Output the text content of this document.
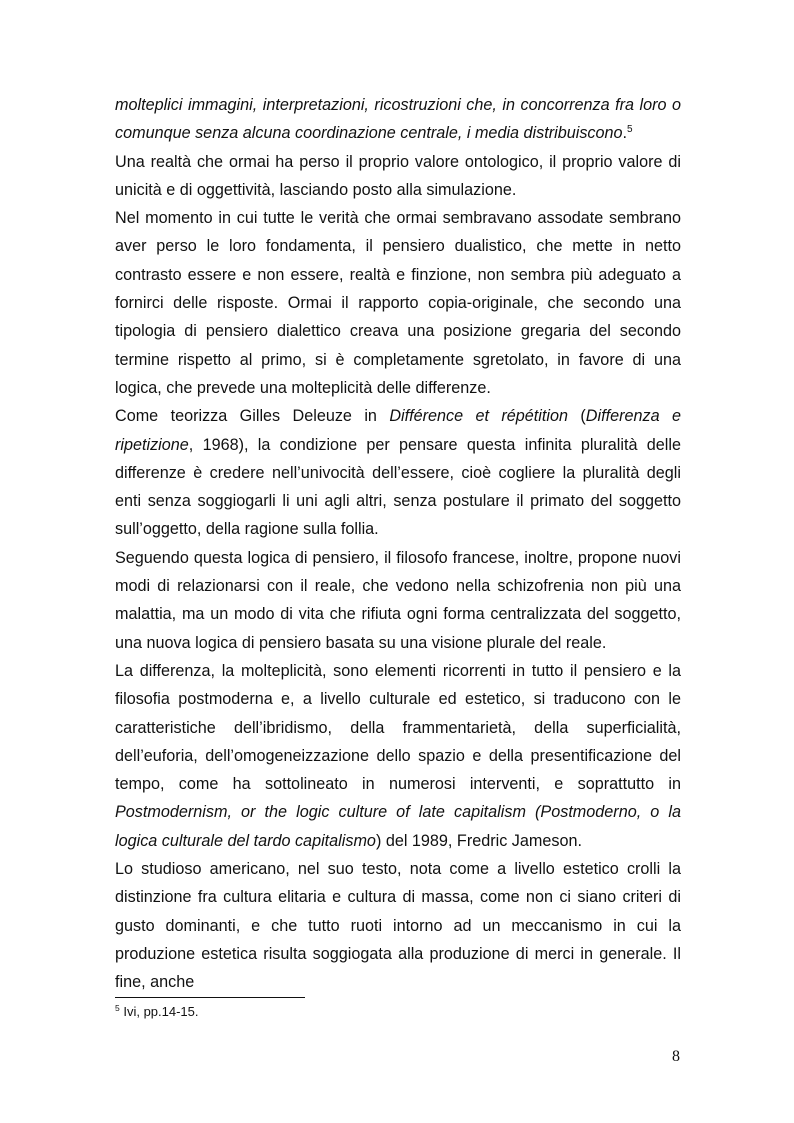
molteplici immagini, interpretazioni, ricostruzioni che, in concorrenza fra loro o comunque senza alcuna coordinazione centrale, i media distribuiscono.$^5$

Una realtà che ormai ha perso il proprio valore ontologico, il proprio valore di unicità e di oggettività, lasciando posto alla simulazione.

Nel momento in cui tutte le verità che ormai sembravano assodate sembrano aver perso le loro fondamenta, il pensiero dualistico, che mette in netto contrasto essere e non essere, realtà e finzione, non sembra più adeguato a fornirci delle risposte. Ormai il rapporto copia-originale, che secondo una tipologia di pensiero dialettico creava una posizione gregaria del secondo termine rispetto al primo, si è completamente sgretolato, in favore di una logica, che prevede una molteplicità delle differenze.

Come teorizza Gilles Deleuze in Différence et répétition (Differenza e ripetizione, 1968), la condizione per pensare questa infinita pluralità delle differenze è credere nell’univocità dell’essere, cioè cogliere la pluralità degli enti senza soggiogarli li uni agli altri, senza postulare il primato del soggetto sull’oggetto, della ragione sulla follia.

Seguendo questa logica di pensiero, il filosofo francese, inoltre, propone nuovi modi di relazionarsi con il reale, che vedono nella schizofrenia non più una malattia, ma un modo di vita che rifiuta ogni forma centralizzata del soggetto, una nuova logica di pensiero basata su una visione plurale del reale.

La differenza, la molteplicità, sono elementi ricorrenti in tutto il pensiero e la filosofia postmoderna e, a livello culturale ed estetico, si traducono con le caratteristiche dell’ibridismo, della frammentarietà, della superficialità, dell’euforia, dell’omogeneizzazione dello spazio e della presentificazione del tempo, come ha sottolineato in numerosi interventi, e soprattutto in Postmodernism, or the logic culture of late capitalism (Postmoderno, o la logica culturale del tardo capitalismo) del 1989, Fredric Jameson.

Lo studioso americano, nel suo testo, nota come a livello estetico crolli la distinzione fra cultura elitaria e cultura di massa, come non ci siano criteri di gusto dominanti, e che tutto ruoti intorno ad un meccanismo in cui la produzione estetica risulta soggiogata alla produzione di merci in generale. Il fine, anche

$^5$ Ivi, pp.14-15.
8
